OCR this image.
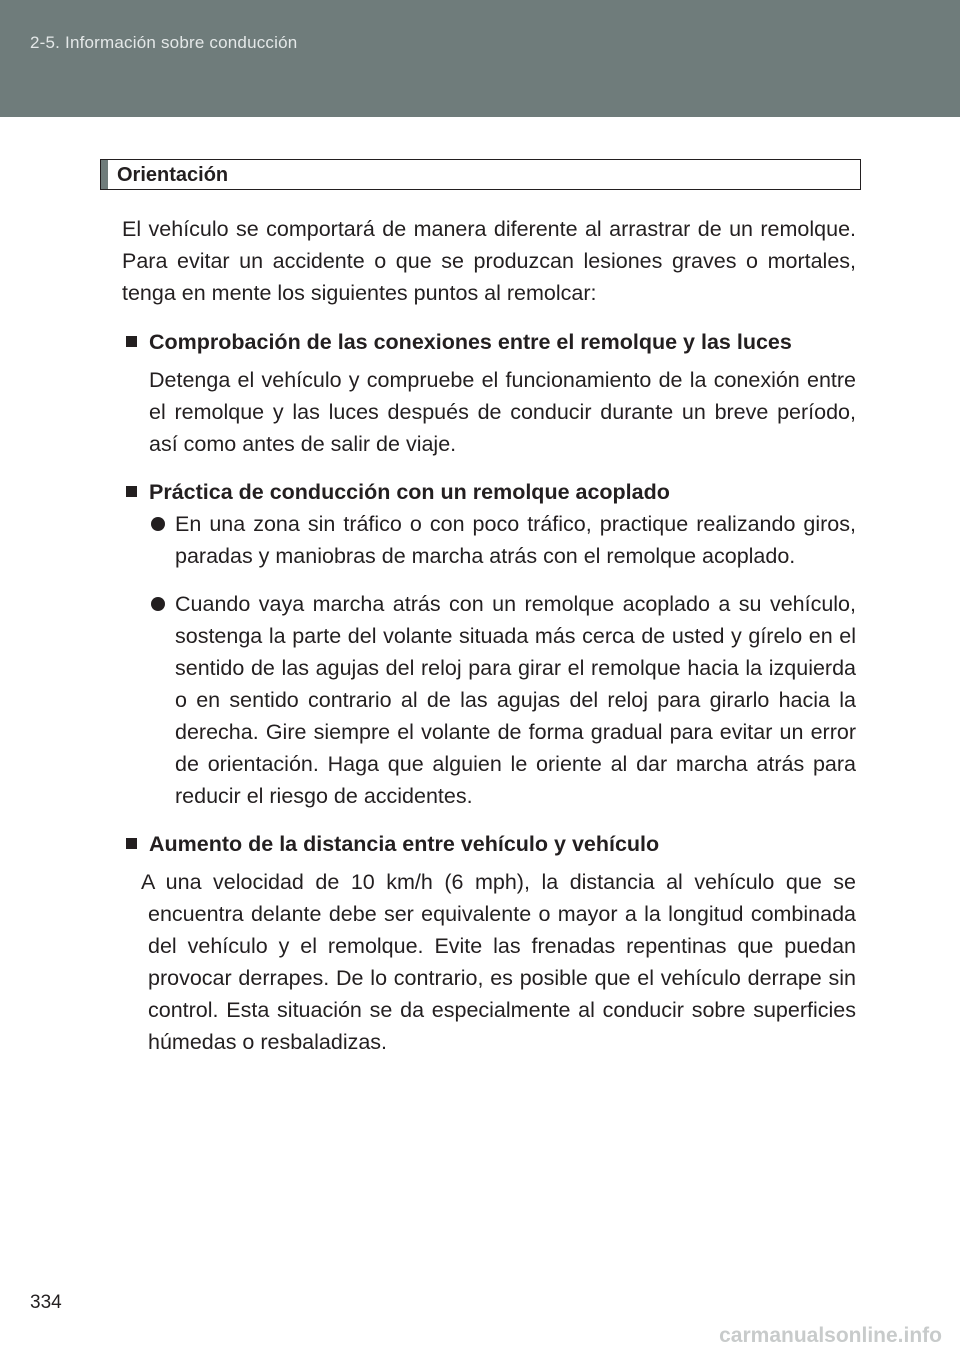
2-5. Información sobre conducción
Orientación

El vehículo se comportará de manera diferente al arrastrar de un remolque. Para evitar un accidente o que se produzcan lesiones graves o mortales, tenga en mente los siguientes puntos al remolcar:

Comprobación de las conexiones entre el remolque y las luces

Detenga el vehículo y compruebe el funcionamiento de la conexión entre el remolque y las luces después de conducir durante un breve período, así como antes de salir de viaje.

Práctica de conducción con un remolque acoplado

En una zona sin tráfico o con poco tráfico, practique realizando giros, paradas y maniobras de marcha atrás con el remolque acoplado.

Cuando vaya marcha atrás con un remolque acoplado a su vehículo, sostenga la parte del volante situada más cerca de usted y gírelo en el sentido de las agujas del reloj para girar el remolque hacia la izquierda o en sentido contrario al de las agujas del reloj para girarlo hacia la derecha. Gire siempre el volante de forma gradual para evitar un error de orientación. Haga que alguien le oriente al dar marcha atrás para reducir el riesgo de accidentes.

Aumento de la distancia entre vehículo y vehículo

A una velocidad de 10 km/h (6 mph), la distancia al vehículo que se encuentra delante debe ser equivalente o mayor a la longitud combinada del vehículo y el remolque. Evite las frenadas repentinas que puedan provocar derrapes. De lo contrario, es posible que el vehículo derrape sin control. Esta situación se da especialmente al conducir sobre superficies húmedas o resbaladizas.

334
carmanualsonline.info
